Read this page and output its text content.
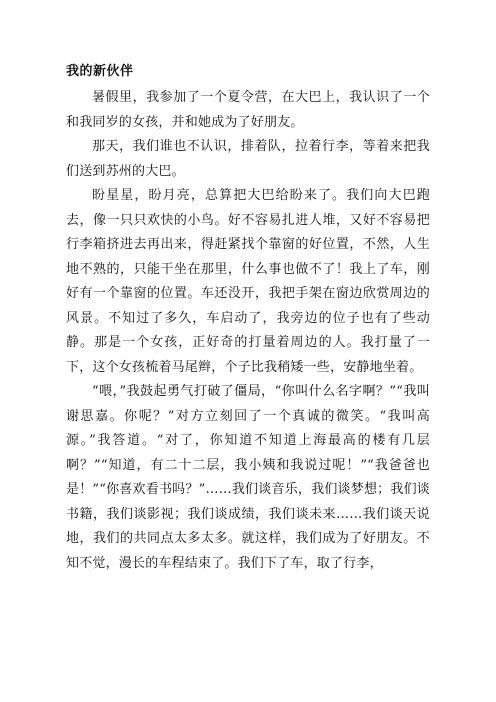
我的新伙伴

暑假里，我参加了一个夏令营，在大巴上，我认识了一个和我同岁的女孩，并和她成为了好朋友。

那天，我们谁也不认识，排着队，拉着行李，等着来把我们送到苏州的大巴。

盼星星，盼月亮，总算把大巴给盼来了。我们向大巴跑去，像一只只欢快的小鸟。好不容易扎进人堆，又好不容易把行李箱挤进去再出来，得赶紧找个靠窗的好位置，不然，人生地不熟的，只能干坐在那里，什么事也做不了！我上了车，刚好有一个靠窗的位置。车还没开，我把手架在窗边欣赏周边的风景。不知过了多久，车启动了，我旁边的位子也有了些动静。那是一个女孩，正好奇的打量着周边的人。我打量了一下，这个女孩梳着马尾辫，个子比我稍矮一些，安静地坐着。

“喂，”我鼓起勇气打破了僵局，“你叫什么名字啊？”“我叫谢思嘉。你呢？”对方立刻回了一个真诚的微笑。“我叫高源。”我答道。“对了，你知道不知道上海最高的楼有几层啊？”“知道，有二十二层，我小姨和我说过呢！”“我爸爸也是！”“你喜欢看书吗？”……我们谈音乐，我们谈梦想；我们谈书籍，我们谈影视；我们谈成绩，我们谈未来……我们谈天说地，我们的共同点太多太多。就这样，我们成为了好朋友。不知不觉，漫长的车程结束了。我们下了车，取了行李，
